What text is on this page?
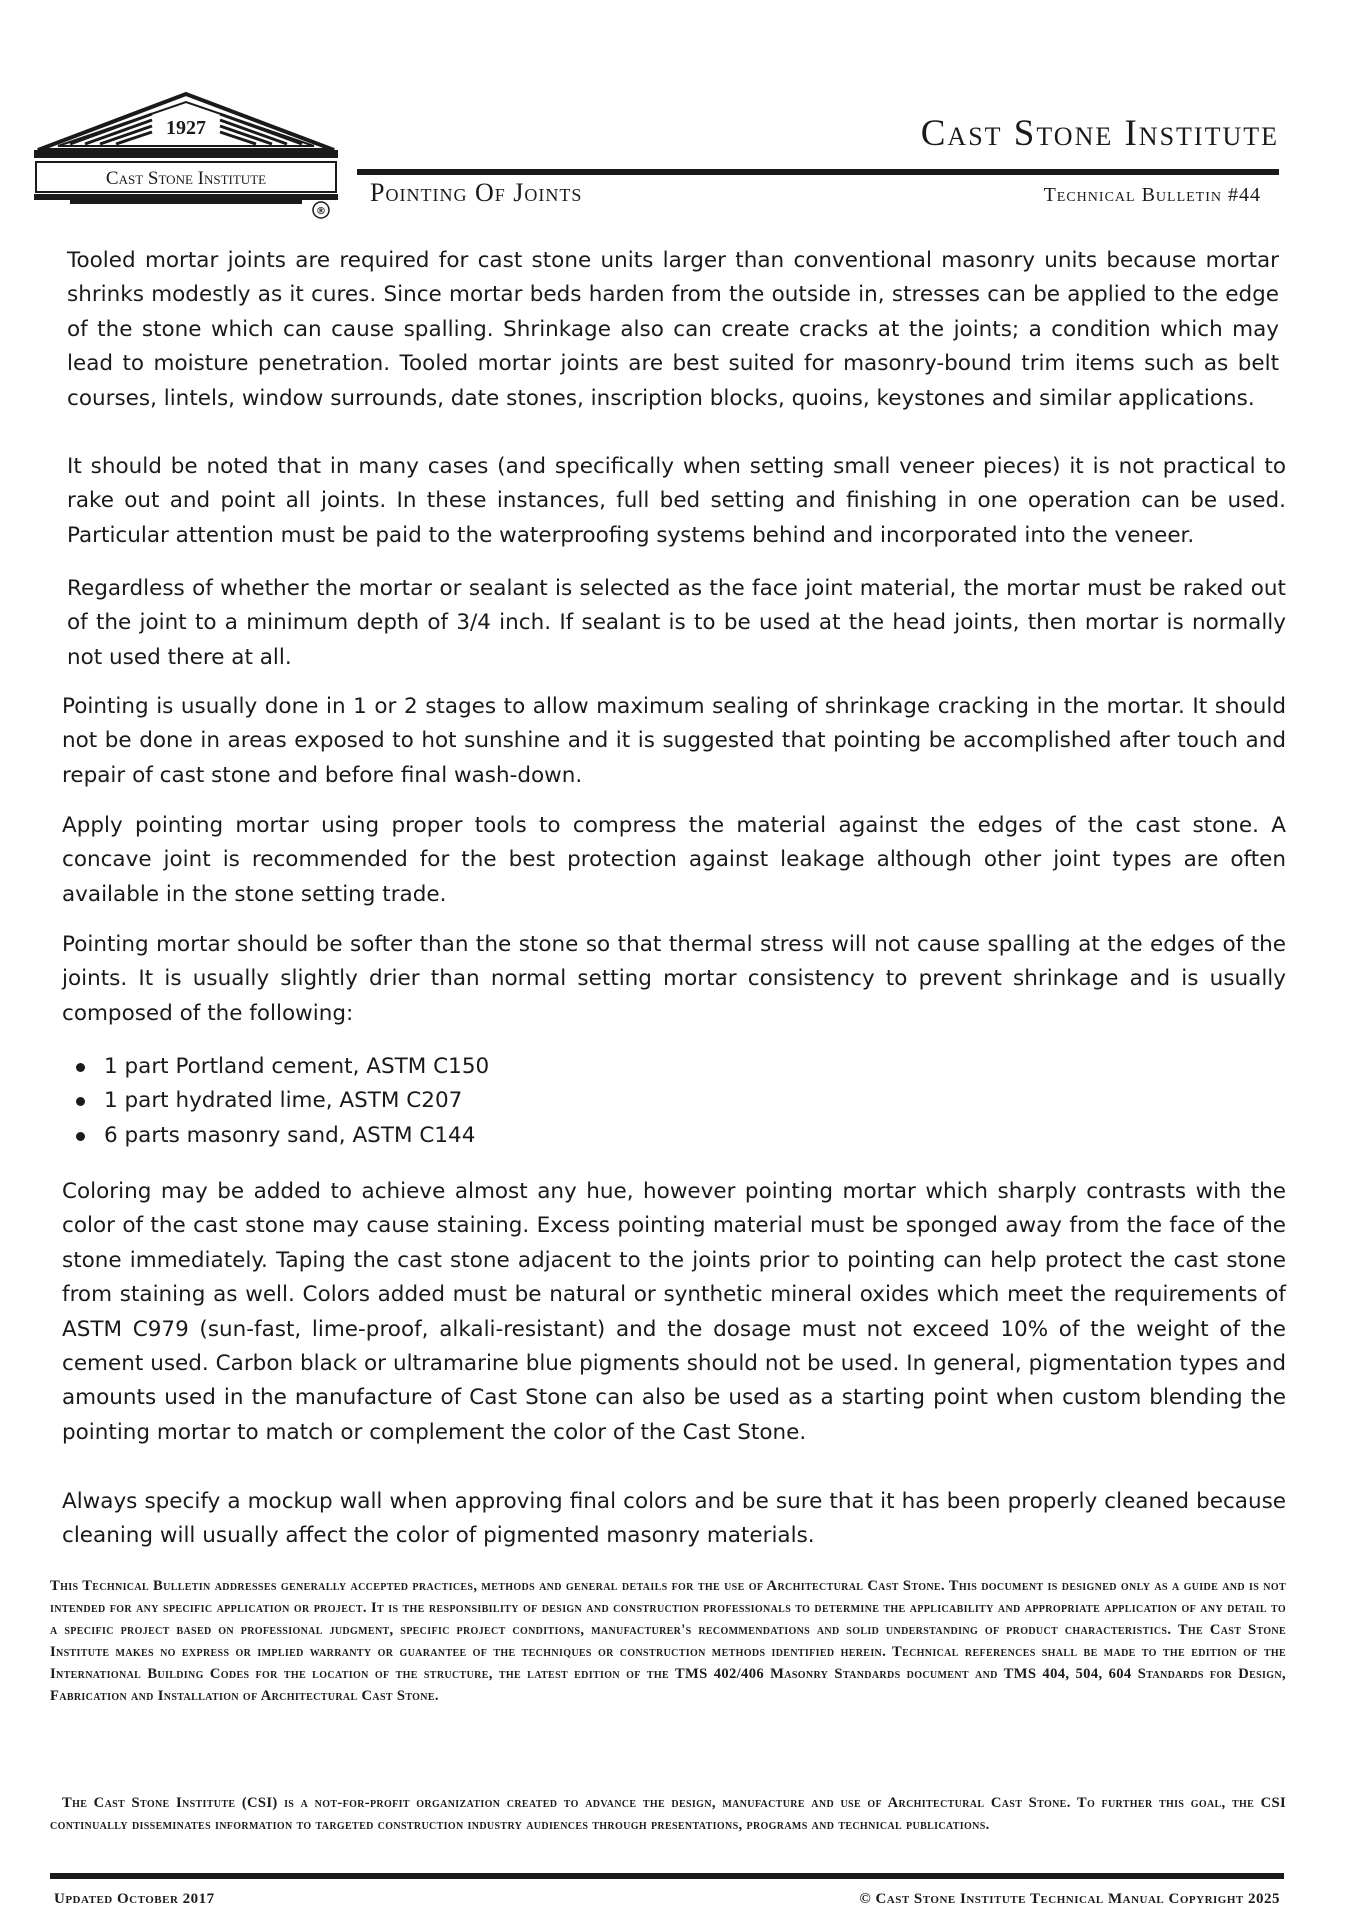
1927
Cast Stone Institute
®
Cast Stone Institute
Pointing Of Joints	Technical Bulletin #44

Tooled mortar joints are required for cast stone units larger than conventional masonry units because mortar shrinks modestly as it cures. Since mortar beds harden from the outside in, stresses can be applied to the edge of the stone which can cause spalling. Shrinkage also can create cracks at the joints; a condition which may lead to moisture penetration. Tooled mortar joints are best suited for masonry-bound trim items such as belt courses, lintels, window surrounds, date stones, inscription blocks, quoins, keystones and similar applications.

It should be noted that in many cases (and specifically when setting small veneer pieces) it is not practical to rake out and point all joints. In these instances, full bed setting and finishing in one operation can be used. Particular attention must be paid to the waterproofing systems behind and incorporated into the veneer.

Regardless of whether the mortar or sealant is selected as the face joint material, the mortar must be raked out of the joint to a minimum depth of 3/4 inch. If sealant is to be used at the head joints, then mortar is normally not used there at all.

Pointing is usually done in 1 or 2 stages to allow maximum sealing of shrinkage cracking in the mortar. It should not be done in areas exposed to hot sunshine and it is suggested that pointing be accomplished after touch and repair of cast stone and before final wash-down.

Apply pointing mortar using proper tools to compress the material against the edges of the cast stone. A concave joint is recommended for the best protection against leakage although other joint types are often available in the stone setting trade.

Pointing mortar should be softer than the stone so that thermal stress will not cause spalling at the edges of the joints. It is usually slightly drier than normal setting mortar consistency to prevent shrinkage and is usually composed of the following:

1 part Portland cement, ASTM C150
1 part hydrated lime, ASTM C207
6 parts masonry sand, ASTM C144

Coloring may be added to achieve almost any hue, however pointing mortar which sharply contrasts with the color of the cast stone may cause staining. Excess pointing material must be sponged away from the face of the stone immediately. Taping the cast stone adjacent to the joints prior to pointing can help protect the cast stone from staining as well. Colors added must be natural or synthetic mineral oxides which meet the requirements of ASTM C979 (sun-fast, lime-proof, alkali-resistant) and the dosage must not exceed 10% of the weight of the cement used. Carbon black or ultramarine blue pigments should not be used. In general, pigmentation types and amounts used in the manufacture of Cast Stone can also be used as a starting point when custom blending the pointing mortar to match or complement the color of the Cast Stone.

Always specify a mockup wall when approving final colors and be sure that it has been properly cleaned because cleaning will usually affect the color of pigmented masonry materials.

This Technical Bulletin addresses generally accepted practices, methods and general details for the use of Architectural Cast Stone. This document is designed only as a guide and is not intended for any specific application or project. It is the responsibility of design and construction professionals to determine the applicability and appropriate application of any detail to a specific project based on professional judgment, specific project conditions, manufacturer's recommendations and solid understanding of product characteristics. The Cast Stone Institute makes no express or implied warranty or guarantee of the techniques or construction methods identified herein. Technical references shall be made to the edition of the International Building Codes for the location of the structure, the latest edition of the TMS 402/406 Masonry Standards document and TMS 404, 504, 604 Standards for Design, Fabrication and Installation of Architectural Cast Stone.

The Cast Stone Institute (CSI) is a not-for-profit organization created to advance the design, manufacture and use of Architectural Cast Stone. To further this goal, the CSI continually disseminates information to targeted construction industry audiences through presentations, programs and technical publications.

Updated October 2017	© Cast Stone Institute Technical Manual Copyright 2025
